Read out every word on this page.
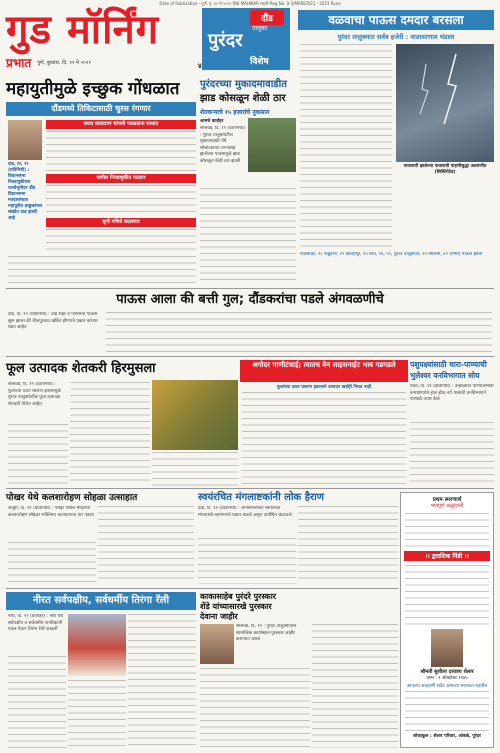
Date of Publication - पुणे, पृ. १२ मे २०२१ RNI MAHMAR मराठी Reg No. 0-3/MRN/2021 - 2023 Pune
गुड मॉर्निंग
प्रभात पुणे, बुधवार, दि. १२ मे २०२१	४
पुरंदर
दौंड
तालुका
विशेष
वळवाचा पाऊस दमदार बरसला
पुरंदर तालुक्यात सर्वत्र हजेरी : वातावरणात थंडावा
पावसाची झालेल्या पावसाची पाहणीसुद्धा अडचणीत (सिस्टिमेटेड)
पावसाळा, २८ फेब्रुवारी, २९ कोल्हापूर, २५ मार्च, २६, ५१, पुरंदर तालुक्यात, २० मिलिमी, ४२ (मिमी) पाऊस झाला
महायुतीमुळे इच्छुक गोंधळात
दौंडमध्ये तिकिटासाठी चुरस रंगणार
सध्या वातावरण चांगली पकडताना साथात
दौंड, दि. १२ (प्रतिनिधी) : विधानसभा निवडणुकीच्या पार्श्वभूमीवर दौंड विधानसभा मतदारसंघात महायुतीत इच्छुकांच्या संख्येत वाढ झाली आहे
मागील निवडणुकीत मतदान
जुनी गणिते बदलणार
पुरंदरच्या मुकादमावाडीत
झाड कोसळून शेळी ठार
शेतकऱ्याचे १५ हजारांचे नुकसान
आमचे वार्ताहर
सासवड, दि. १२ (प्रतिनिधी) : पुरंदर तालुक्यातील मुकादमवाडी येथे सोसाट्याच्या वाऱ्यासह झालेल्या पावसामुळे झाड कोसळून शेळी ठार झाली
पाऊस आला की बत्ती गुल; दौंडकरांचा पडले अंगवळणीचे
दौंड, दि. १२ (प्रतिनिधी) : दौंड शहर व परिसरात पाऊस सुरू झाला की वीजपुरवठा खंडित होण्याचे प्रकार वारंवार घडत आहेत
फूल उत्पादक शेतकरी हिरमुसला
सासवड, दि. १२ (प्रतिनिधी) : फुलांच्या दरात घसरण झाल्यामुळे पुरंदर तालुक्यातील फूल उत्पादक शेतकरी चिंतेत आहेत
अगोदर पाणीटंचाई; त्यातच वेन लाइसनाईट भाव गडगडले
फुलांच्या दरात घसरण झाल्याने उत्पादन खर्चही निघत नाही
पशुपक्ष्यांसाठी चारा-पाण्याची
भुलेश्वर वनविभागात सोय
यवत, दि. १२ (प्रतिनिधी) : उन्हाळ्यात पाण्याअभावी वन्यप्राण्यांचे हाल होऊ नये यासाठी वनविभागाने पाणवठे तयार केले
पोखर येथे कलशारोहण सोहळा उत्साहात
जेजुरी, दि. १२ (प्रतिनिधी) : पोखर येथील मंदिराचा कलशारोहण सोहळा भक्तिमय वातावरणात पार पडला
स्वयंरचित मंगलाष्टकांनी लोक हैराण
दौंड, दि. १२ (प्रतिनिधी) : लग्नसमारंभात स्वयंरचित मंगलाष्टके म्हणण्याचे प्रकार वाढले असून उपस्थित कंटाळले
प्रथम स्मरणार्थ
भावपूर्ण श्रद्धांजली
।। द्वादशिक पिंडी ।।
श्रीमती सुशीला दत्तात्रय शेलार
जन्म : २ ऑक्टोबर १९४५
आपल्या आठवणी सदैव आमच्या स्मरणात राहतील
शोकाकुल : शेलार परिवार, आंबळे, पुरंदर
नीरत सर्वपक्षीय, सर्वधर्मीय तिरंगा रॅली
नीरा, दि. १२ (वार्ताहर) : नीरा येथे सर्वपक्षीय व सर्वधर्मीय नागरिकांनी एकत्र येऊन तिरंगा रॅली काढली
काकासाहेब पुरंदरे पुरस्कार
शेंडे यांच्यासारखे पुरस्कार
देवाना जाहीर
सासवड, दि. १२ : पुरंदर तालुक्यातील सामाजिक कार्याबद्दल पुरस्कार जाहीर करण्यात आला
